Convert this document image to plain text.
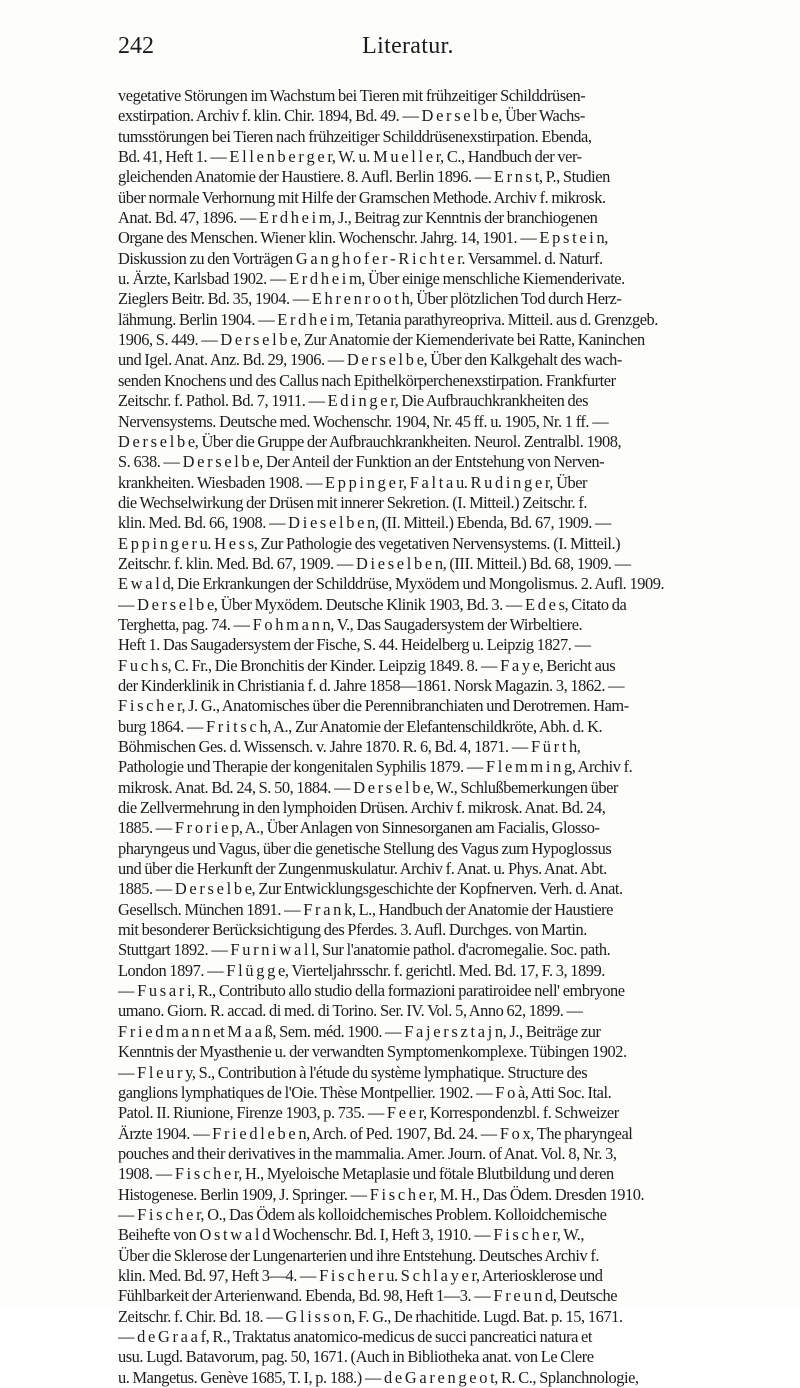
242	Literatur.
vegetative Störungen im Wachstum bei Tieren mit frühzeitiger Schilddrüsen-
exstirpation. Archiv f. klin. Chir. 1894, Bd. 49. — D e r s e l b e, Über Wachs-
tumsstörungen bei Tieren nach frühzeitiger Schilddrüsenexstirpation. Ebenda,
Bd. 41, Heft 1. — E l l e n b e r g e r, W. u. M u e l l e r, C., Handbuch der ver-
gleichenden Anatomie der Haustiere. 8. Aufl. Berlin 1896. — E r n s t, P., Studien
über normale Verhornung mit Hilfe der Gramschen Methode. Archiv f. mikrosk.
Anat. Bd. 47, 1896. — E r d h e i m, J., Beitrag zur Kenntnis der branchiogenen
Organe des Menschen. Wiener klin. Wochenschr. Jahrg. 14, 1901. — E p s t e i n,
Diskussion zu den Vorträgen G a n g h o f e r - R i c h t e r. Versammel. d. Naturf.
u. Ärzte, Karlsbad 1902. — E r d h e i m, Über einige menschliche Kiemenderivate.
Zieglers Beitr. Bd. 35, 1904. — E h r e n r o o t h, Über plötzlichen Tod durch Herz-
lähmung. Berlin 1904. — E r d h e i m, Tetania parathyreopriva. Mitteil. aus d. Grenzgeb.
1906, S. 449. — D e r s e l b e, Zur Anatomie der Kiemenderivate bei Ratte, Kaninchen
und Igel. Anat. Anz. Bd. 29, 1906. — D e r s e l b e, Über den Kalkgehalt des wach-
senden Knochens und des Callus nach Epithelkörperchenexstirpation. Frankfurter
Zeitschr. f. Pathol. Bd. 7, 1911. — E d i n g e r, Die Aufbrauchkrankheiten des
Nervensystems. Deutsche med. Wochenschr. 1904, Nr. 45 ff. u. 1905, Nr. 1 ff. —
D e r s e l b e, Über die Gruppe der Aufbrauchkrankheiten. Neurol. Zentralbl. 1908,
S. 638. — D e r s e l b e, Der Anteil der Funktion an der Entstehung von Nerven-
krankheiten. Wiesbaden 1908. — E p p i n g e r, F a l t a u. R u d i n g e r, Über
die Wechselwirkung der Drüsen mit innerer Sekretion. (I. Mitteil.) Zeitschr. f.
klin. Med. Bd. 66, 1908. — D i e s e l b e n, (II. Mitteil.) Ebenda, Bd. 67, 1909. —
E p p i n g e r u. H e s s, Zur Pathologie des vegetativen Nervensystems. (I. Mitteil.)
Zeitschr. f. klin. Med. Bd. 67, 1909. — D i e s e l b e n, (III. Mitteil.) Bd. 68, 1909. —
E w a l d, Die Erkrankungen der Schilddrüse, Myxödem und Mongolismus. 2. Aufl. 1909.
— D e r s e l b e, Über Myxödem. Deutsche Klinik 1903, Bd. 3. — E d e s, Citato da
Terghetta, pag. 74. — F o h m a n n, V., Das Saugadersystem der Wirbeltiere.
Heft 1. Das Saugadersystem der Fische, S. 44. Heidelberg u. Leipzig 1827. —
F u c h s, C. Fr., Die Bronchitis der Kinder. Leipzig 1849. 8. — F a y e, Bericht aus
der Kinderklinik in Christiania f. d. Jahre 1858—1861. Norsk Magazin. 3, 1862. —
F i s c h e r, J. G., Anatomisches über die Perennibranchiaten und Derotremen. Ham-
burg 1864. — F r i t s c h, A., Zur Anatomie der Elefantenschildkröte, Abh. d. K.
Böhmischen Ges. d. Wissensch. v. Jahre 1870. R. 6, Bd. 4, 1871. — F ü r t h,
Pathologie und Therapie der kongenitalen Syphilis 1879. — F l e m m i n g, Archiv f.
mikrosk. Anat. Bd. 24, S. 50, 1884. — D e r s e l b e, W., Schlußbemerkungen über
die Zellvermehrung in den lymphoiden Drüsen. Archiv f. mikrosk. Anat. Bd. 24,
1885. — F r o r i e p, A., Über Anlagen von Sinnesorganen am Facialis, Glosso-
pharyngeus und Vagus, über die genetische Stellung des Vagus zum Hypoglossus
und über die Herkunft der Zungenmuskulatur. Archiv f. Anat. u. Phys. Anat. Abt.
1885. — D e r s e l b e, Zur Entwicklungsgeschichte der Kopfnerven. Verh. d. Anat.
Gesellsch. München 1891. — F r a n k, L., Handbuch der Anatomie der Haustiere
mit besonderer Berücksichtigung des Pferdes. 3. Aufl. Durchges. von Martin.
Stuttgart 1892. — F u r n i w a l l, Sur l'anatomie pathol. d'acromegalie. Soc. path.
London 1897. — F l ü g g e, Vierteljahrsschr. f. gerichtl. Med. Bd. 17, F. 3, 1899.
— F u s a r i, R., Contributo allo studio della formazioni paratiroidee nell' embryone
umano. Giorn. R. accad. di med. di Torino. Ser. IV. Vol. 5, Anno 62, 1899. —
F r i e d m a n n et M a a ß, Sem. méd. 1900. — F a j e r s z t a j n, J., Beiträge zur
Kenntnis der Myasthenie u. der verwandten Symptomenkomplexe. Tübingen 1902.
— F l e u r y, S., Contribution à l'étude du système lymphatique. Structure des
ganglions lymphatiques de l'Oie. Thèse Montpellier. 1902. — F o à, Atti Soc. Ital.
Patol. II. Riunione, Firenze 1903, p. 735. — F e e r, Korrespondenzbl. f. Schweizer
Ärzte 1904. — F r i e d l e b e n, Arch. of Ped. 1907, Bd. 24. — F o x, The pharyngeal
pouches and their derivatives in the mammalia. Amer. Journ. of Anat. Vol. 8, Nr. 3,
1908. — F i s c h e r, H., Myeloische Metaplasie und fötale Blutbildung und deren
Histogenese. Berlin 1909, J. Springer. — F i s c h e r, M. H., Das Ödem. Dresden 1910.
— F i s c h e r, O., Das Ödem als kolloidchemisches Problem. Kolloidchemische
Beihefte von O s t w a l d Wochenschr. Bd. I, Heft 3, 1910. — F i s c h e r, W.,
Über die Sklerose der Lungenarterien und ihre Entstehung. Deutsches Archiv f.
klin. Med. Bd. 97, Heft 3—4. — F i s c h e r u. S c h l a y e r, Arteriosklerose und
Fühlbarkeit der Arterienwand. Ebenda, Bd. 98, Heft 1—3. — F r e u n d, Deutsche
Zeitschr. f. Chir. Bd. 18. — G l i s s o n, F. G., De rhachitide. Lugd. Bat. p. 15, 1671.
— d e G r a a f, R., Traktatus anatomico-medicus de succi pancreatici natura et
usu. Lugd. Batavorum, pag. 50, 1671. (Auch in Bibliotheka anat. von Le Clere
u. Mangetus. Genève 1685, T. I, p. 188.) — d e G a r e n g e o t, R. C., Splanchnologie,
